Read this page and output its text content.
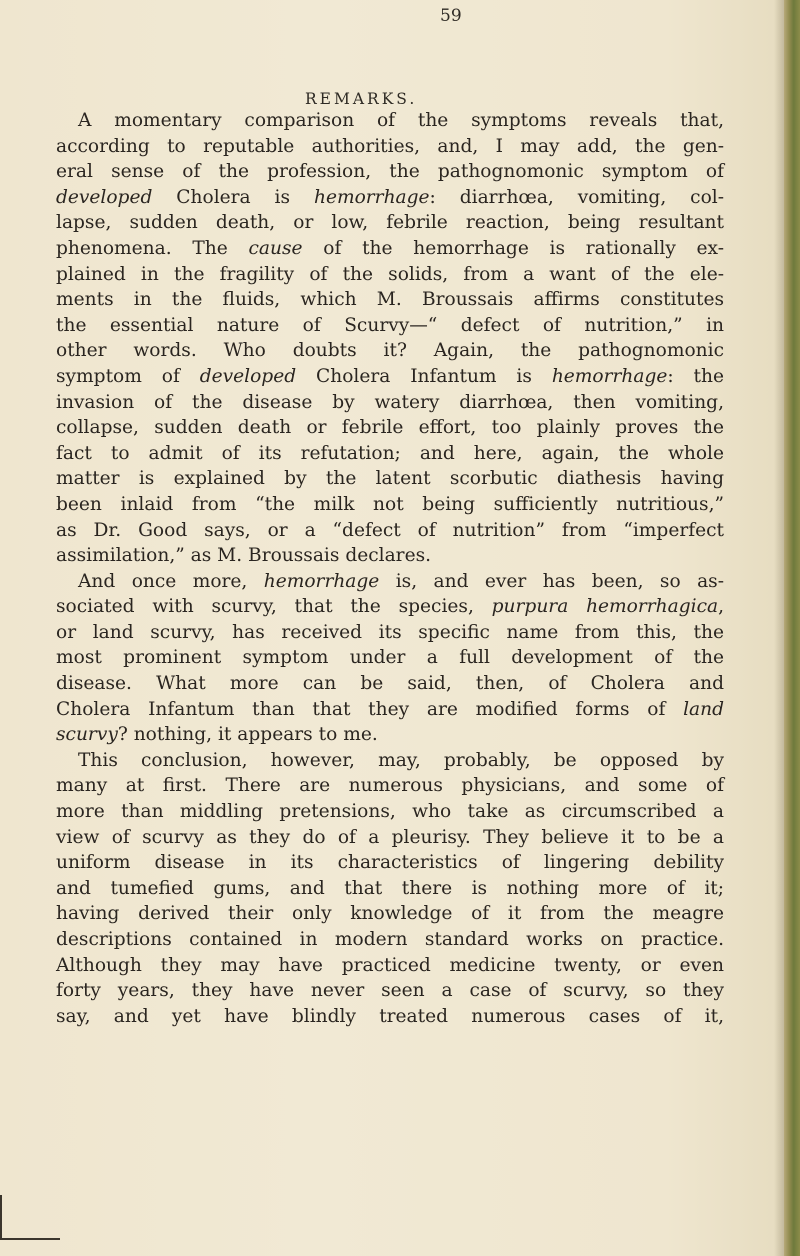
59
REMARKS.
A momentary comparison of the symptoms reveals that,
according to reputable authorities, and, I may add, the gen-
eral sense of the profession, the pathognomonic symptom of
developed Cholera is hemorrhage: diarrhœa, vomiting, col-
lapse, sudden death, or low, febrile reaction, being resultant
phenomena. The cause of the hemorrhage is rationally ex-
plained in the fragility of the solids, from a want of the ele-
ments in the fluids, which M. Broussais affirms constitutes
the essential nature of Scurvy—“ defect of nutrition,” in
other words. Who doubts it? Again, the pathognomonic
symptom of developed Cholera Infantum is hemorrhage: the
invasion of the disease by watery diarrhœa, then vomiting,
collapse, sudden death or febrile effort, too plainly proves the
fact to admit of its refutation; and here, again, the whole
matter is explained by the latent scorbutic diathesis having
been inlaid from “the milk not being sufficiently nutritious,”
as Dr. Good says, or a “defect of nutrition” from “imperfect
assimilation,” as M. Broussais declares.
And once more, hemorrhage is, and ever has been, so as-
sociated with scurvy, that the species, purpura hemorrhagica,
or land scurvy, has received its specific name from this, the
most prominent symptom under a full development of the
disease. What more can be said, then, of Cholera and
Cholera Infantum than that they are modified forms of land
scurvy? nothing, it appears to me.
This conclusion, however, may, probably, be opposed by
many at first. There are numerous physicians, and some of
more than middling pretensions, who take as circumscribed a
view of scurvy as they do of a pleurisy. They believe it to be a
uniform disease in its characteristics of lingering debility
and tumefied gums, and that there is nothing more of it;
having derived their only knowledge of it from the meagre
descriptions contained in modern standard works on practice.
Although they may have practiced medicine twenty, or even
forty years, they have never seen a case of scurvy, so they
say, and yet have blindly treated numerous cases of it,
